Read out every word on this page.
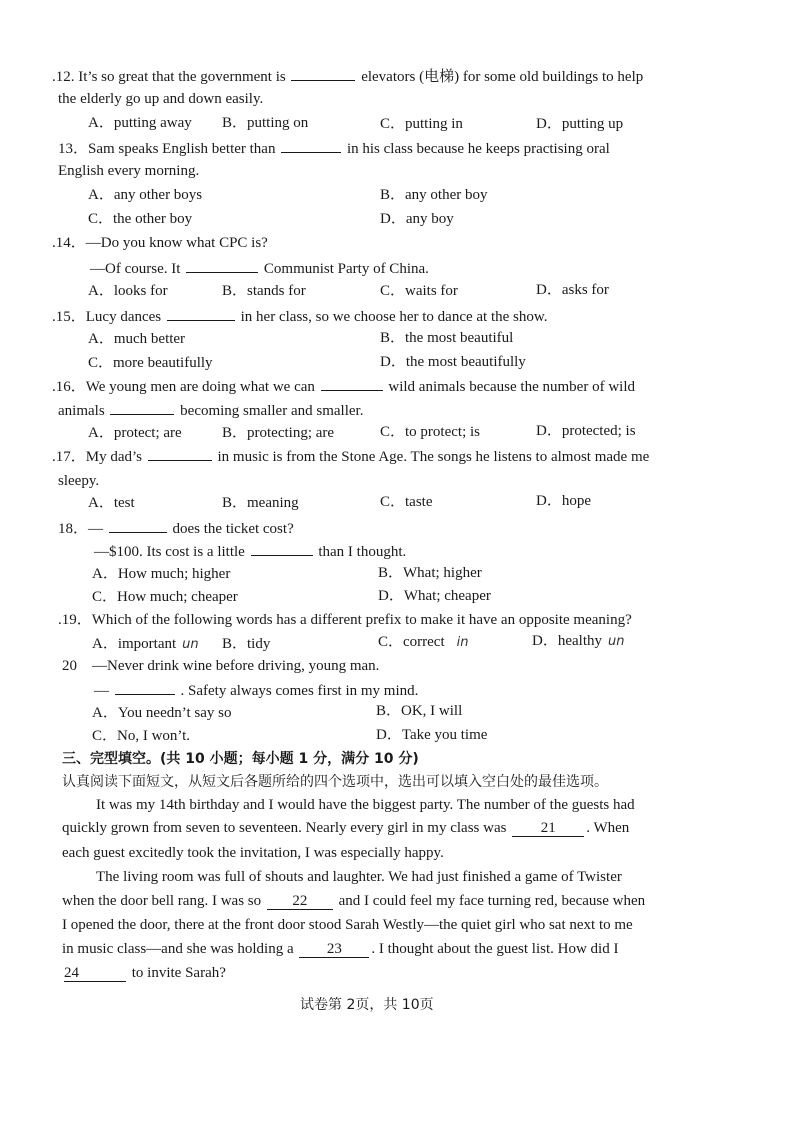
.12. It’s so great that the government is	elevators (电梯) for some old buildings to help
the elderly go up and down easily.
A．putting away B．putting on	C．putting in	D．putting up
13．Sam speaks English better than	in his class because he keeps practising oral
English every morning.
A．any other boys	B．any other boy
C．the other boy	D．any boy
.14．—Do you know what CPC is?
—Of course. It	Communist Party of China.
A．looks for	B．stands for	C．waits for	D．asks for
.15．Lucy dances	in her class, so we choose her to dance at the show.
A．much better	B．the most beautiful
C．more beautifully	D．the most beautifully
.16．We young men are doing what we can	wild animals because the number of wild
animals	becoming smaller and smaller.
A．protect; are	B．protecting; are	C．to protect; is	D．protected; is
.17．My dad’s	in music is from the Stone Age. The songs he listens to almost made me
sleepy.
A．test	B．meaning	C．taste	D．hope
18．—	does the ticket cost?
—$100. Its cost is a little	than I thought.
A．How much; higher	B．What; higher
C．How much; cheaper	D．What; cheaper
.19．Which of the following words has a different prefix to make it have an opposite meaning?
A．important un B．tidy	C．correct in	D．healthy un
20　—Never drink wine before driving, young man.
—	. Safety always comes first in my mind.
A．You needn’t say so	B．OK, I will
C．No, I won’t.	D．Take you time
三、完型填空。(共 10 小题；每小题 1 分，满分 10 分)
认真阅读下面短文，从短文后各题所给的四个选项中，选出可以填入空白处的最佳选项。
It was my 14th birthday and I would have the biggest party. The number of the guests had
quickly grown from seven to seventeen. Nearly every girl in my class was 21 . When
each guest excitedly took the invitation, I was especially happy.
The living room was full of shouts and laughter. We had just finished a game of Twister
when the door bell rang. I was so 22 and I could feel my face turning red, because when
I opened the door, there at the front door stood Sarah Westly—the quiet girl who sat next to me
in music class—and she was holding a 23 . I thought about the guest list. How did I
24	to invite Sarah?
试卷第 2页，共 10页
